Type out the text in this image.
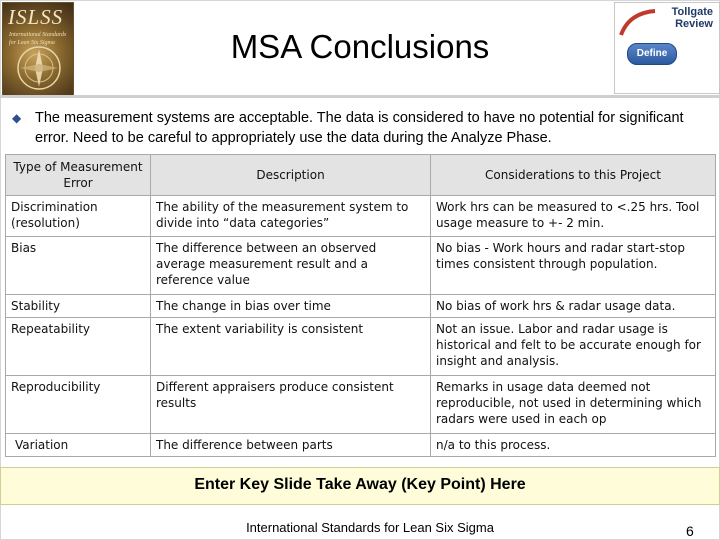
ISLSS
International Standards for Lean Six Sigma	MSA Conclusions
Tollgate
Review
Define
◆ The measurement systems are acceptable. The data is considered to have no potential for significant error. Need to be careful to appropriately use the data during the Analyze Phase.
Type of Measurement Error	Description	Considerations to this Project
Discrimination (resolution)	The ability of the measurement system to divide into “data categories”	Work hrs can be measured to <.25 hrs. Tool usage measure to +- 2 min.
Bias	The difference between an observed average measurement result and a reference value	No bias - Work hours and radar start-stop times consistent through population.
Stability	The change in bias over time	No bias of work hrs & radar usage data.
Repeatability	The extent variability is consistent	Not an issue. Labor and radar usage is historical and felt to be accurate enough for insight and analysis.
Reproducibility	Different appraisers produce consistent results	Remarks in usage data deemed not reproducible, not used in determining which radars were used in each op
Variation	The difference between parts	n/a to this process.
Enter Key Slide Take Away (Key Point) Here
International Standards for Lean Six Sigma	6
